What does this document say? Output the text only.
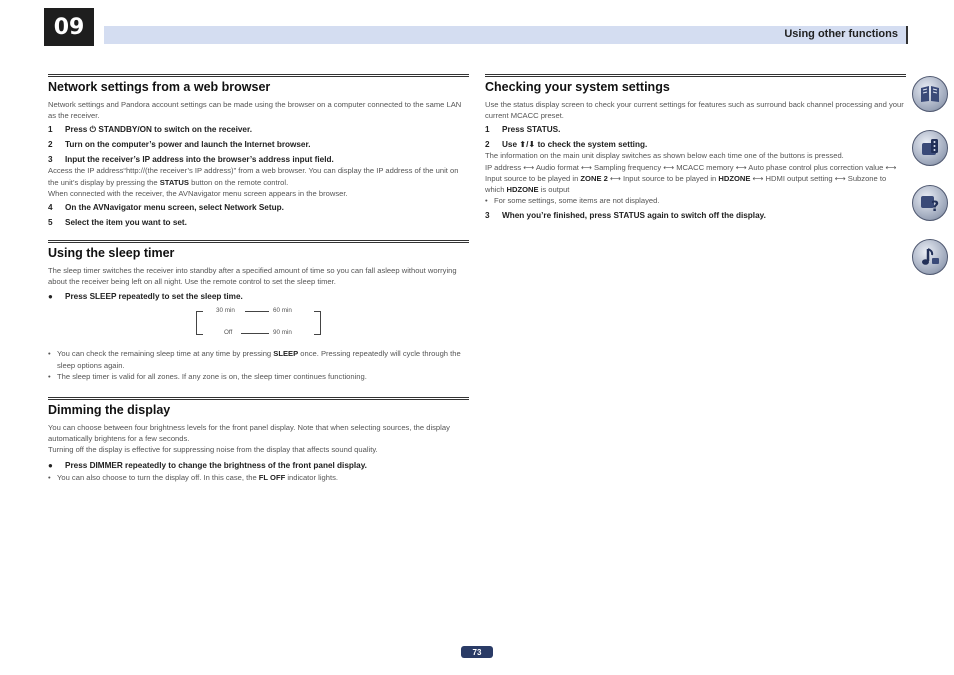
09	Using other functions
Network settings from a web browser
Network settings and Pandora account settings can be made using the browser on a computer connected to the same LAN as the receiver.
1	Press ⏻ STANDBY/ON to switch on the receiver.
2	Turn on the computer’s power and launch the Internet browser.
3	Input the receiver’s IP address into the browser’s address input field.
Access the IP address“http://(the receiver’s IP address)” from a web browser. You can display the IP address of the unit on the unit’s display by pressing the STATUS button on the remote control.
When connected with the receiver, the AVNavigator menu screen appears in the browser.
4	On the AVNavigator menu screen, select Network Setup.
5	Select the item you want to set.
Using the sleep timer
The sleep timer switches the receiver into standby after a specified amount of time so you can fall asleep without worrying about the receiver being left on all night. Use the remote control to set the sleep timer.
●	Press SLEEP repeatedly to set the sleep time.
30 min	60 min
Off	90 min
• You can check the remaining sleep time at any time by pressing SLEEP once. Pressing repeatedly will cycle through the sleep options again.
• The sleep timer is valid for all zones. If any zone is on, the sleep timer continues functioning.
Dimming the display
You can choose between four brightness levels for the front panel display. Note that when selecting sources, the display automatically brightens for a few seconds.
Turning off the display is effective for suppressing noise from the display that affects sound quality.
●	Press DIMMER repeatedly to change the brightness of the front panel display.
• You can also choose to turn the display off. In this case, the FL OFF indicator lights.
Checking your system settings
Use the status display screen to check your current settings for features such as surround back channel processing and your current MCACC preset.
1	Press STATUS.
2	Use ⬆/⬇ to check the system setting.
The information on the main unit display switches as shown below each time one of the buttons is pressed.
IP address ⟷ Audio format ⟷ Sampling frequency ⟷ MCACC memory ⟷ Auto phase control plus correction value ⟷ Input source to be played in ZONE 2 ⟷ Input source to be played in HDZONE ⟷ HDMI output setting ⟷ Subzone to which HDZONE is output
• For some settings, some items are not displayed.
3	When you’re finished, press STATUS again to switch off the display.
?
73
